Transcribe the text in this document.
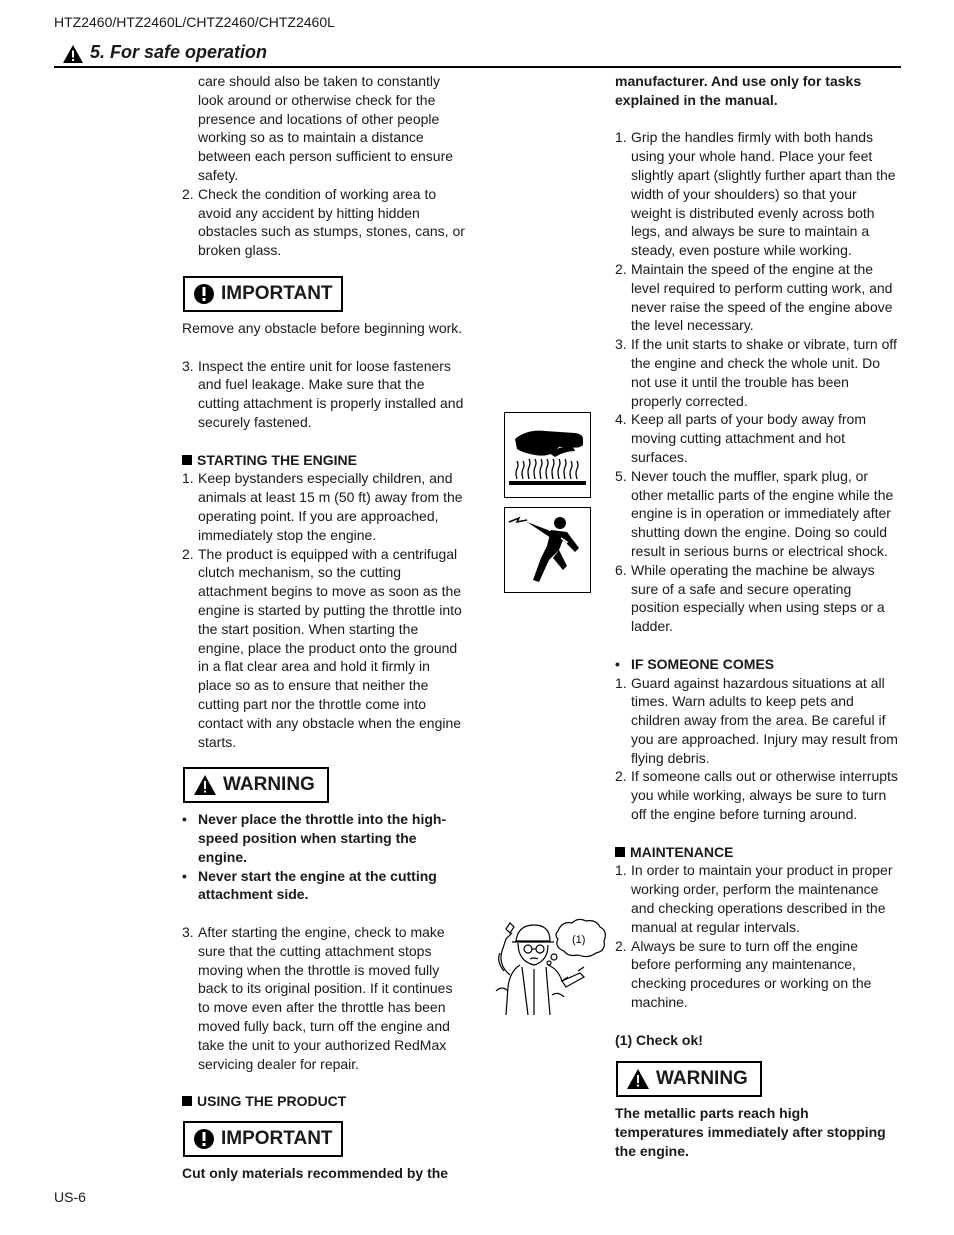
HTZ2460/HTZ2460L/CHTZ2460/CHTZ2460L
5. For safe operation

care should also be taken to constantly

look around or otherwise check for the

presence and locations of other people

working so as to maintain a distance

between each person sufficient to ensure

safety.

2. Check the condition of working area to

avoid any accident by hitting hidden

obstacles such as stumps, stones, cans, or

broken glass.

IMPORTANT

Remove any obstacle before beginning work.

3. Inspect the entire unit for loose fasteners

and fuel leakage. Make sure that the

cutting attachment is properly installed and

securely fastened.

STARTING THE ENGINE

1. Keep bystanders especially children, and

animals at least 15 m (50 ft) away from the

operating point. If you are approached,

immediately stop the engine.

2. The product is equipped with a centrifugal

clutch mechanism, so the cutting

attachment begins to move as soon as the

engine is started by putting the throttle into

the start position. When starting the

engine, place the product onto the ground

in a flat clear area and hold it firmly in

place so as to ensure that neither the

cutting part nor the throttle come into

contact with any obstacle when the engine

starts.

WARNING
• Never place the throttle into the high-

speed position when starting the

engine.

• Never start the engine at the cutting

attachment side.

3. After starting the engine, check to make

sure that the cutting attachment stops

moving when the throttle is moved fully

back to its original position. If it continues

to move even after the throttle has been

moved fully back, turn off the engine and

take the unit to your authorized RedMax

servicing dealer for repair.

USING THE PRODUCT

IMPORTANT

Cut only materials recommended by the

manufacturer. And use only for tasks

explained in the manual.

1. Grip the handles firmly with both hands

using your whole hand. Place your feet

slightly apart (slightly further apart than the

width of your shoulders) so that your

weight is distributed evenly across both

legs, and always be sure to maintain a

steady, even posture while working.

2. Maintain the speed of the engine at the

level required to perform cutting work, and

never raise the speed of the engine above

the level necessary.

3. If the unit starts to shake or vibrate, turn off

the engine and check the whole unit. Do

not use it until the trouble has been

properly corrected.

4. Keep all parts of your body away from

moving cutting attachment and hot

surfaces.

5. Never touch the muffler, spark plug, or

other metallic parts of the engine while the

engine is in operation or immediately after

shutting down the engine. Doing so could

result in serious burns or electrical shock.

6. While operating the machine be always

sure of a safe and secure operating

position especially when using steps or a

ladder.

• IF SOMEONE COMES

1. Guard against hazardous situations at all

times. Warn adults to keep pets and

children away from the area. Be careful if

you are approached. Injury may result from

flying debris.

2. If someone calls out or otherwise interrupts

you while working, always be sure to turn

off the engine before turning around.

MAINTENANCE

1. In order to maintain your product in proper

working order, perform the maintenance

and checking operations described in the

manual at regular intervals.

2. Always be sure to turn off the engine

before performing any maintenance,

checking procedures or working on the

machine.

(1) Check ok!

WARNING

The metallic parts reach high

temperatures immediately after stopping

the engine.

(1)
US-6
